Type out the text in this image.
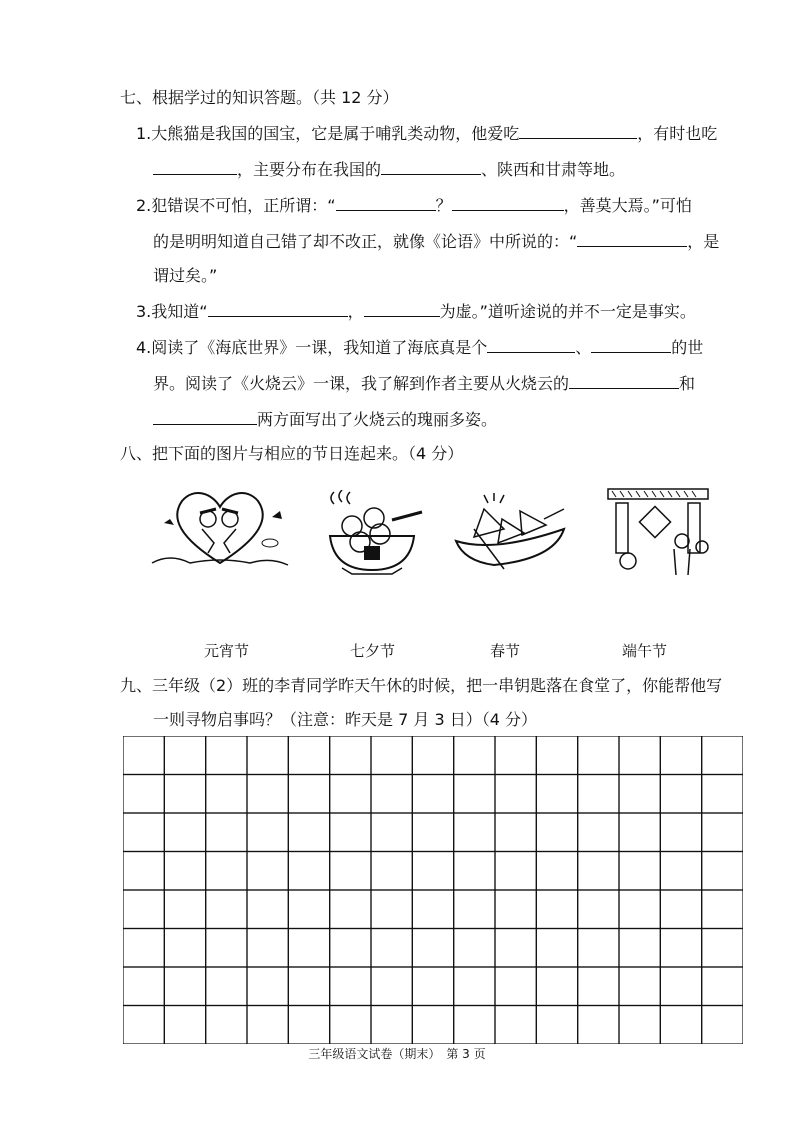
七、根据学过的知识答题。（共 12 分）
1.大熊猫是我国的国宝，它是属于哺乳类动物，他爱吃	，有时也吃
，主要分布在我国的	、陕西和甘肃等地。
2.犯错误不可怕，正所谓：“	？	，善莫大焉。”可怕
的是明明知道自己错了却不改正，就像《论语》中所说的：“	，是
谓过矣。”
3.我知道“	，	为虚。”道听途说的并不一定是事实。
4.阅读了《海底世界》一课，我知道了海底真是个	、	的世
界。阅读了《火烧云》一课，我了解到作者主要从火烧云的	和
两方面写出了火烧云的瑰丽多姿。
八、把下面的图片与相应的节日连起来。（4 分）
元宵节	七夕节	春节	端午节
九、三年级（2）班的李青同学昨天午休的时候，把一串钥匙落在食堂了，你能帮他写
一则寻物启事吗？（注意：昨天是 7 月 3 日）（4 分）
三年级语文试卷（期末）　第 3 页
